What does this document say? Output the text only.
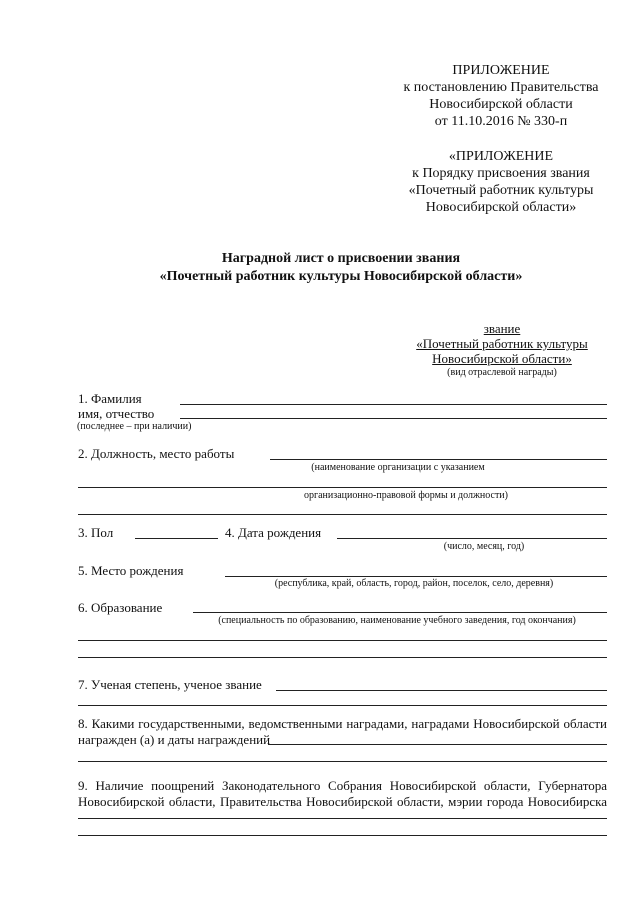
ПРИЛОЖЕНИЕ
к постановлению Правительства
Новосибирской области
от 11.10.2016 № 330-п
«ПРИЛОЖЕНИЕ
к Порядку присвоения звания
«Почетный работник культуры
Новосибирской области»
Наградной лист о присвоении звания
«Почетный работник культуры Новосибирской области»
звание
«Почетный работник культуры
Новосибирской области»
(вид отраслевой награды)
1. Фамилия
имя, отчество
(последнее – при наличии)
2. Должность, место работы
(наименование организации с указанием
организационно-правовой формы и должности)
3. Пол	4. Дата рождения
(число, месяц, год)
5. Место рождения
(республика, край, область, город, район, поселок, село, деревня)
6. Образование
(специальность по образованию, наименование учебного заведения, год окончания)
7. Ученая степень, ученое звание
8. Какими государственными, ведомственными наградами, наградами Новосибирской области
награжден (а) и даты награждений
9. Наличие поощрений Законодательного Собрания Новосибирской области, Губернатора
Новосибирской области, Правительства Новосибирской области, мэрии города Новосибирска
